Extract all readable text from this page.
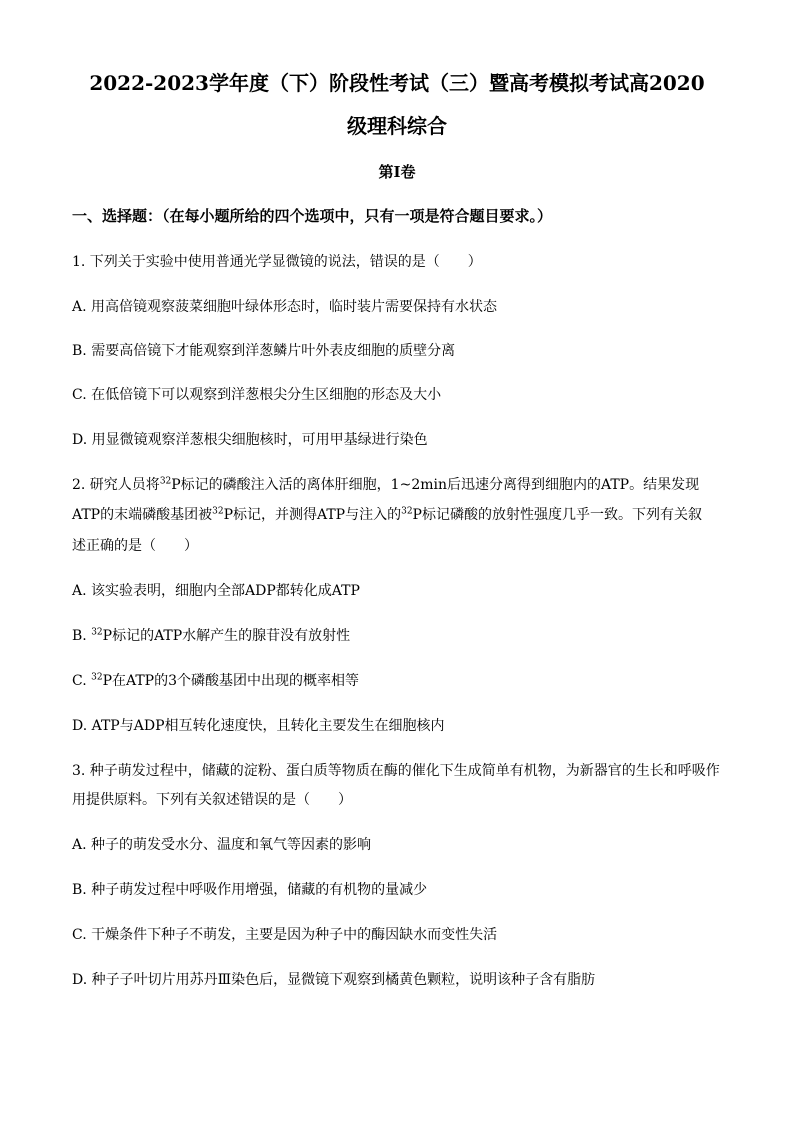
2022-2023学年度（下）阶段性考试（三）暨高考模拟考试高2020
级理科综合
第I卷
一、选择题：（在每小题所给的四个选项中，只有一项是符合题目要求。）
1. 下列关于实验中使用普通光学显微镜的说法，错误的是（　　）
A. 用高倍镜观察菠菜细胞叶绿体形态时，临时装片需要保持有水状态
B. 需要高倍镜下才能观察到洋葱鳞片叶外表皮细胞的质壁分离
C. 在低倍镜下可以观察到洋葱根尖分生区细胞的形态及大小
D. 用显微镜观察洋葱根尖细胞核时，可用甲基绿进行染色
2. 研究人员将$^{32}$P标记的磷酸注入活的离体肝细胞，1~2min后迅速分离得到细胞内的ATP。结果发现
ATP的末端磷酸基团被$^{32}$P标记，并测得ATP与注入的$^{32}$P标记磷酸的放射性强度几乎一致。下列有关叙
述正确的是（　　）
A. 该实验表明，细胞内全部ADP都转化成ATP
B. $^{32}$P标记的ATP水解产生的腺苷没有放射性
C. $^{32}$P在ATP的3个磷酸基团中出现的概率相等
D. ATP与ADP相互转化速度快，且转化主要发生在细胞核内
3. 种子萌发过程中，储藏的淀粉、蛋白质等物质在酶的催化下生成简单有机物，为新器官的生长和呼吸作
用提供原料。下列有关叙述错误的是（　　）
A. 种子的萌发受水分、温度和氧气等因素的影响
B. 种子萌发过程中呼吸作用增强，储藏的有机物的量减少
C. 干燥条件下种子不萌发，主要是因为种子中的酶因缺水而变性失活
D. 种子子叶切片用苏丹Ⅲ染色后，显微镜下观察到橘黄色颗粒，说明该种子含有脂肪
